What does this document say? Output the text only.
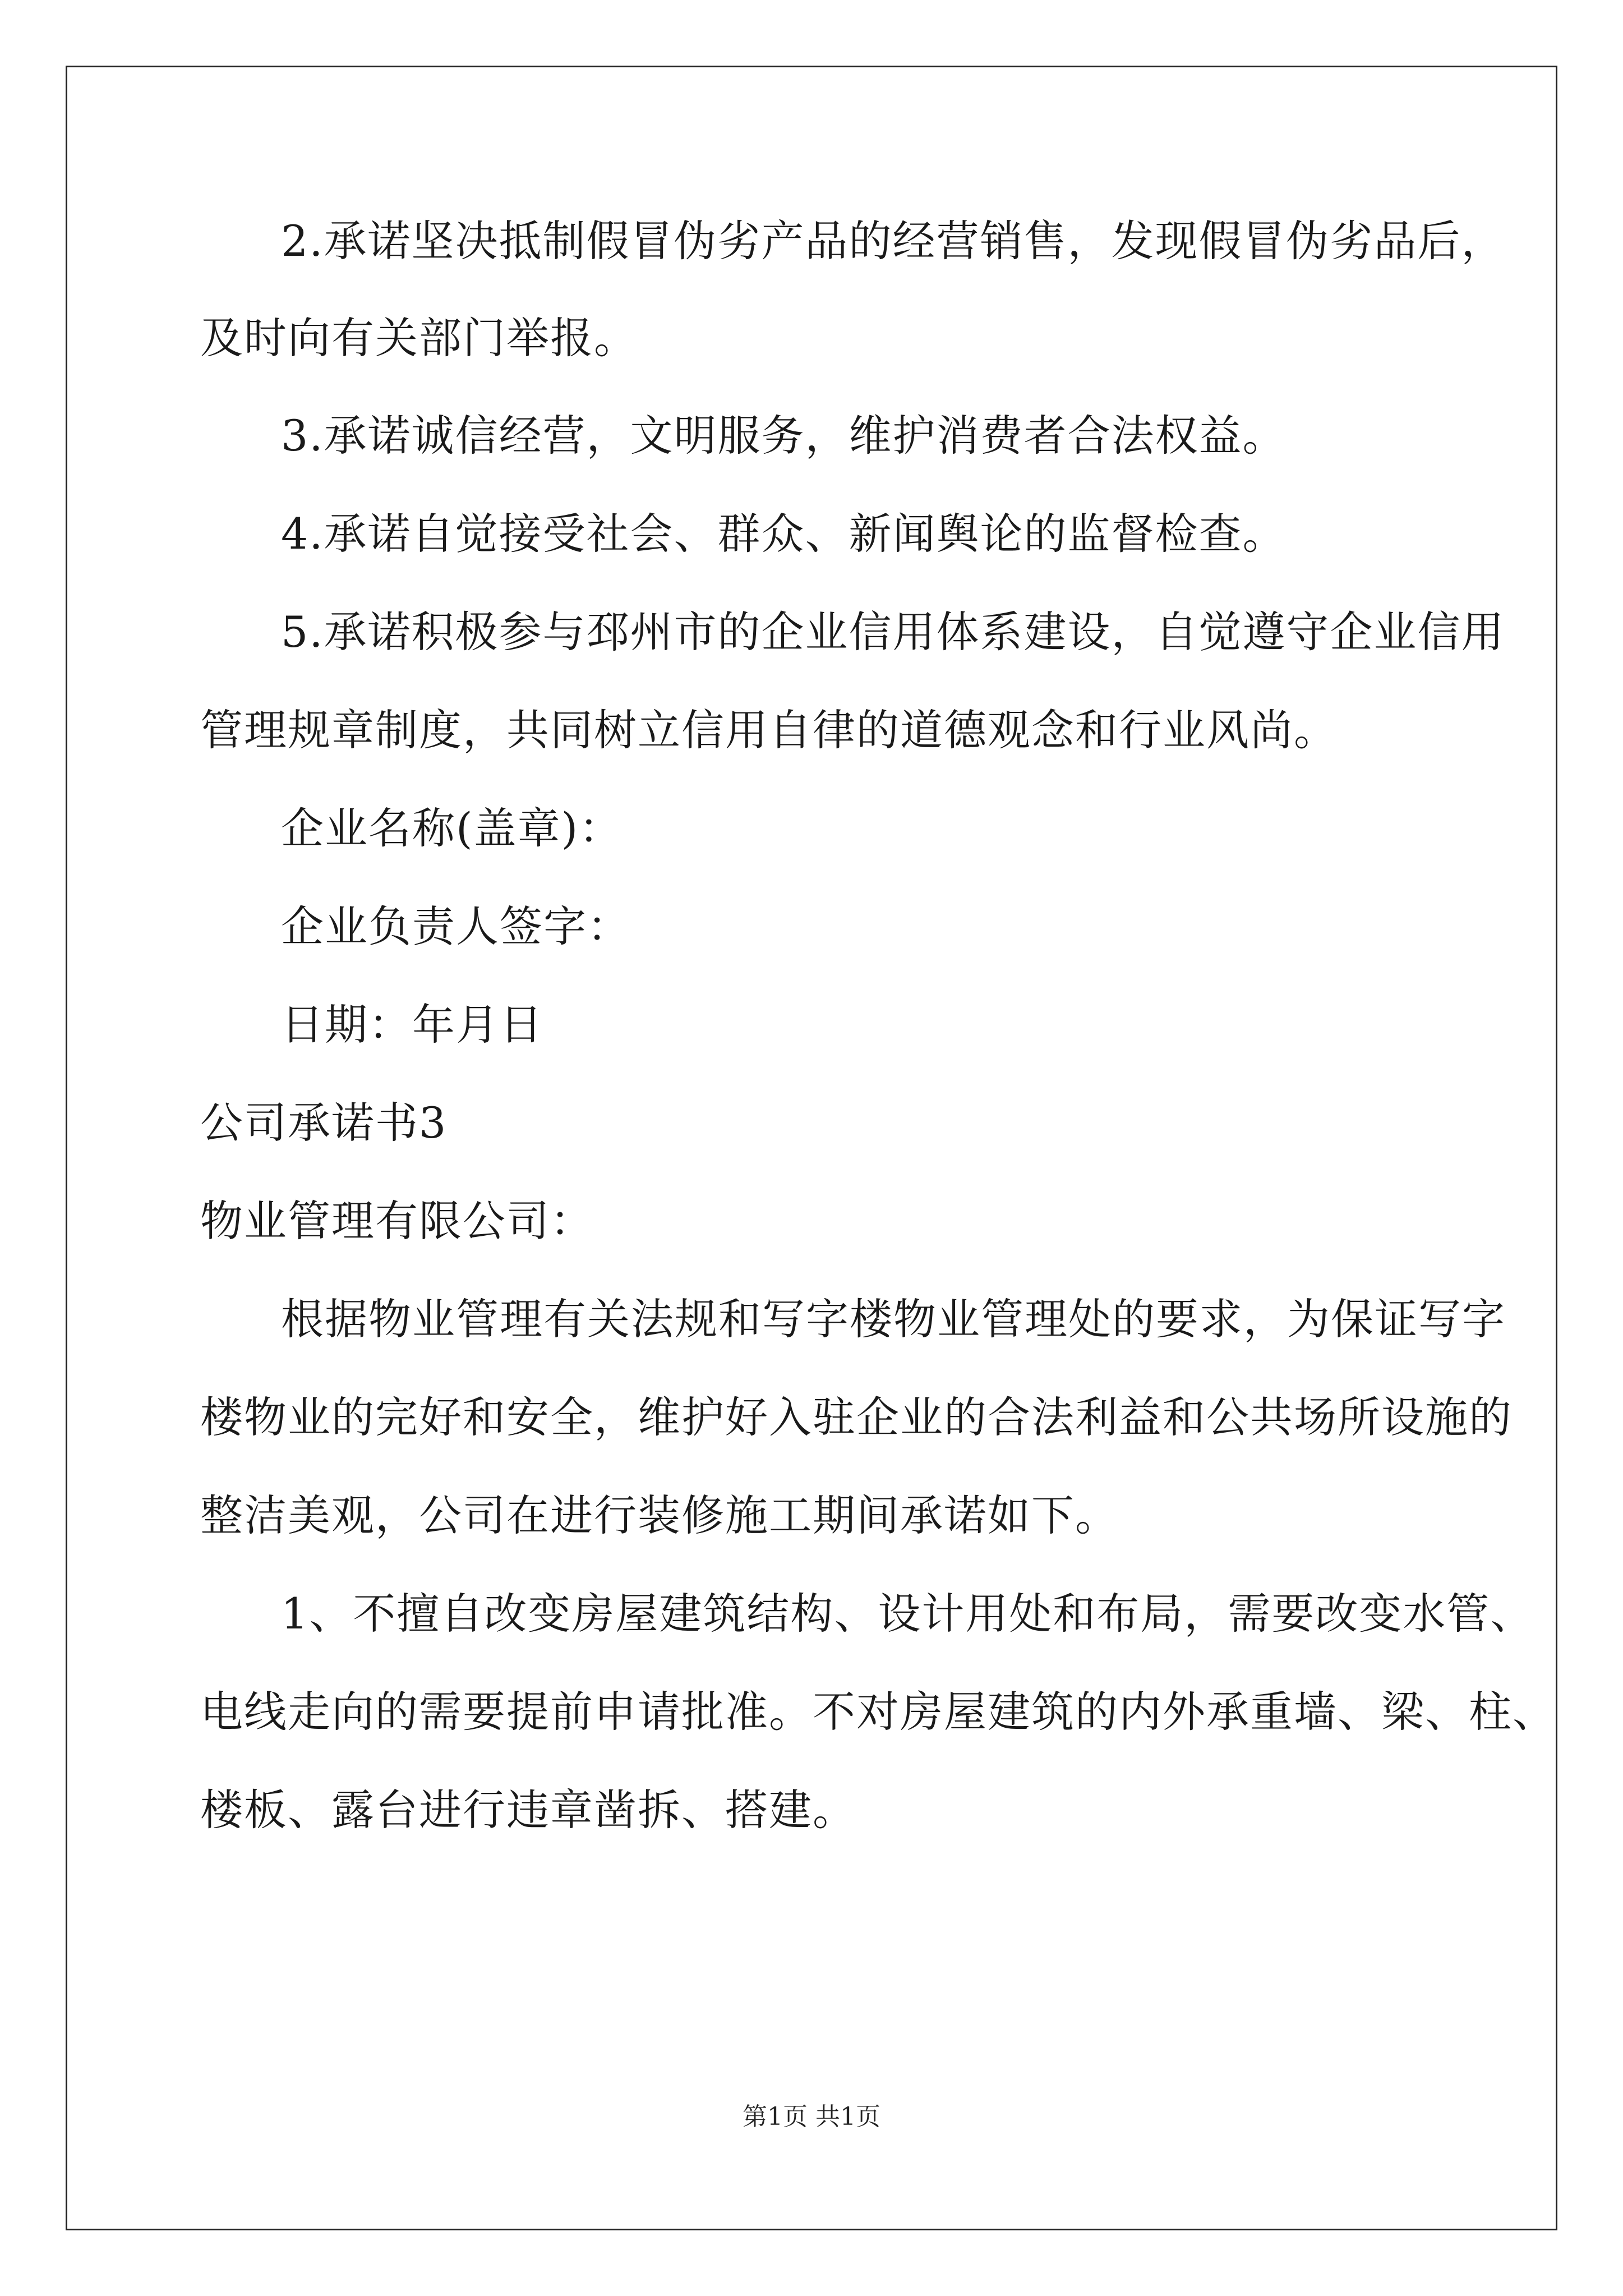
2.承诺坚决抵制假冒伪劣产品的经营销售，发现假冒伪劣品后，
及时向有关部门举报。
3.承诺诚信经营，文明服务，维护消费者合法权益。
4.承诺自觉接受社会、群众、新闻舆论的监督检查。
5.承诺积极参与邳州市的企业信用体系建设，自觉遵守企业信用
管理规章制度，共同树立信用自律的道德观念和行业风尚。
企业名称(盖章)：
企业负责人签字：
日期：年月日
公司承诺书3
物业管理有限公司：
根据物业管理有关法规和写字楼物业管理处的要求，为保证写字
楼物业的完好和安全，维护好入驻企业的合法利益和公共场所设施的
整洁美观，公司在进行装修施工期间承诺如下。
1、不擅自改变房屋建筑结构、设计用处和布局，需要改变水管、
电线走向的需要提前申请批准。不对房屋建筑的内外承重墙、梁、柱、
楼板、露台进行违章凿拆、搭建。
第1页 共1页
